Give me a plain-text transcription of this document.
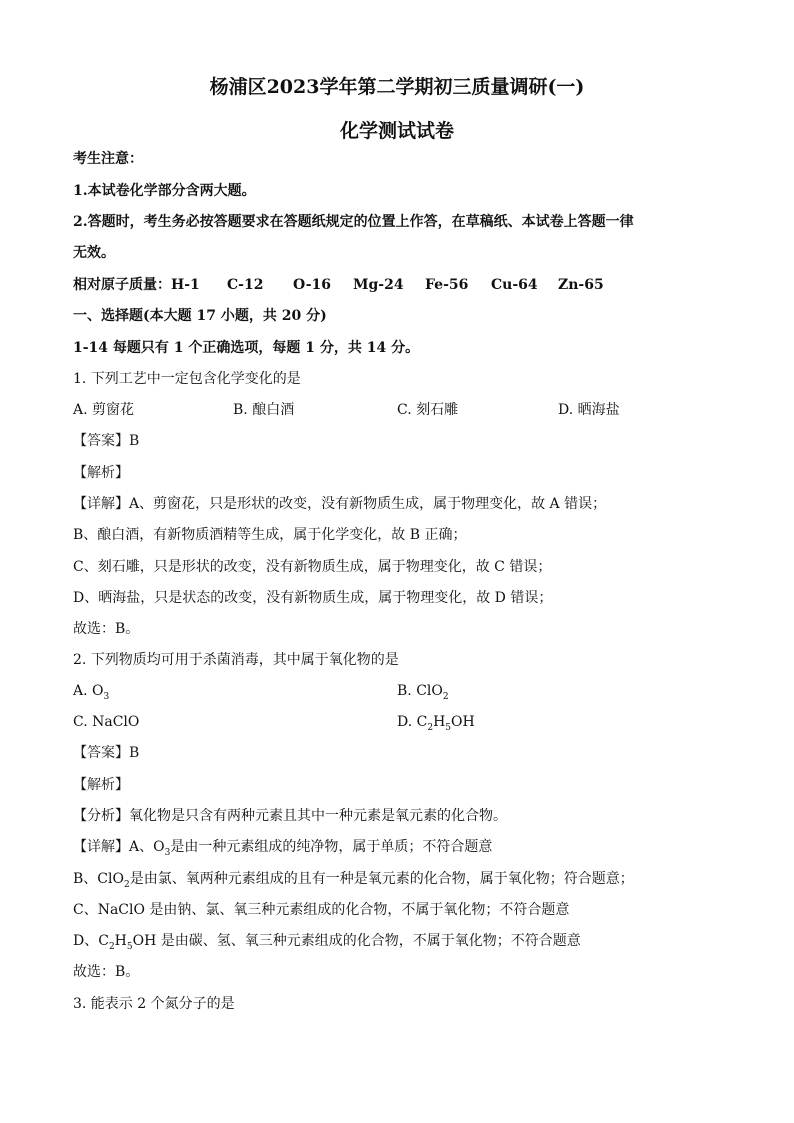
杨浦区2023学年第二学期初三质量调研(一)
化学测试试卷
考生注意：
1.本试卷化学部分含两大题。
2.答题时，考生务必按答题要求在答题纸规定的位置上作答，在草稿纸、本试卷上答题一律
无效。
相对原子质量：H-1 C-12 O-16 Mg-24 Fe-56 Cu-64 Zn-65
一、选择题(本大题 17 小题，共 20 分)
1-14 每题只有 1 个正确选项，每题 1 分，共 14 分。
1. 下列工艺中一定包含化学变化的是
A. 剪窗花	B. 酿白酒	C. 刻石雕	D. 晒海盐
【答案】B
【解析】
【详解】A、剪窗花，只是形状的改变，没有新物质生成，属于物理变化，故 A 错误；
B、酿白酒，有新物质酒精等生成，属于化学变化，故 B 正确；
C、刻石雕，只是形状的改变，没有新物质生成，属于物理变化，故 C 错误；
D、晒海盐，只是状态的改变，没有新物质生成，属于物理变化，故 D 错误；
故选：B。
2. 下列物质均可用于杀菌消毒，其中属于氧化物的是
A. $O_3$	B. ClO$_2$
C. NaClO	D. $C_2H_5OH$
【答案】B
【解析】
【分析】氧化物是只含有两种元素且其中一种元素是氧元素的化合物。
【详解】A、$O_3$是由一种元素组成的纯净物，属于单质；不符合题意
B、ClO$_2$是由氯、氧两种元素组成的且有一种是氧元素的化合物，属于氧化物；符合题意；
C、NaClO 是由钠、氯、氧三种元素组成的化合物，不属于氧化物；不符合题意
D、$C_2H_5OH$ 是由碳、氢、氧三种元素组成的化合物，不属于氧化物；不符合题意
故选：B。
3. 能表示 2 个氮分子的是
